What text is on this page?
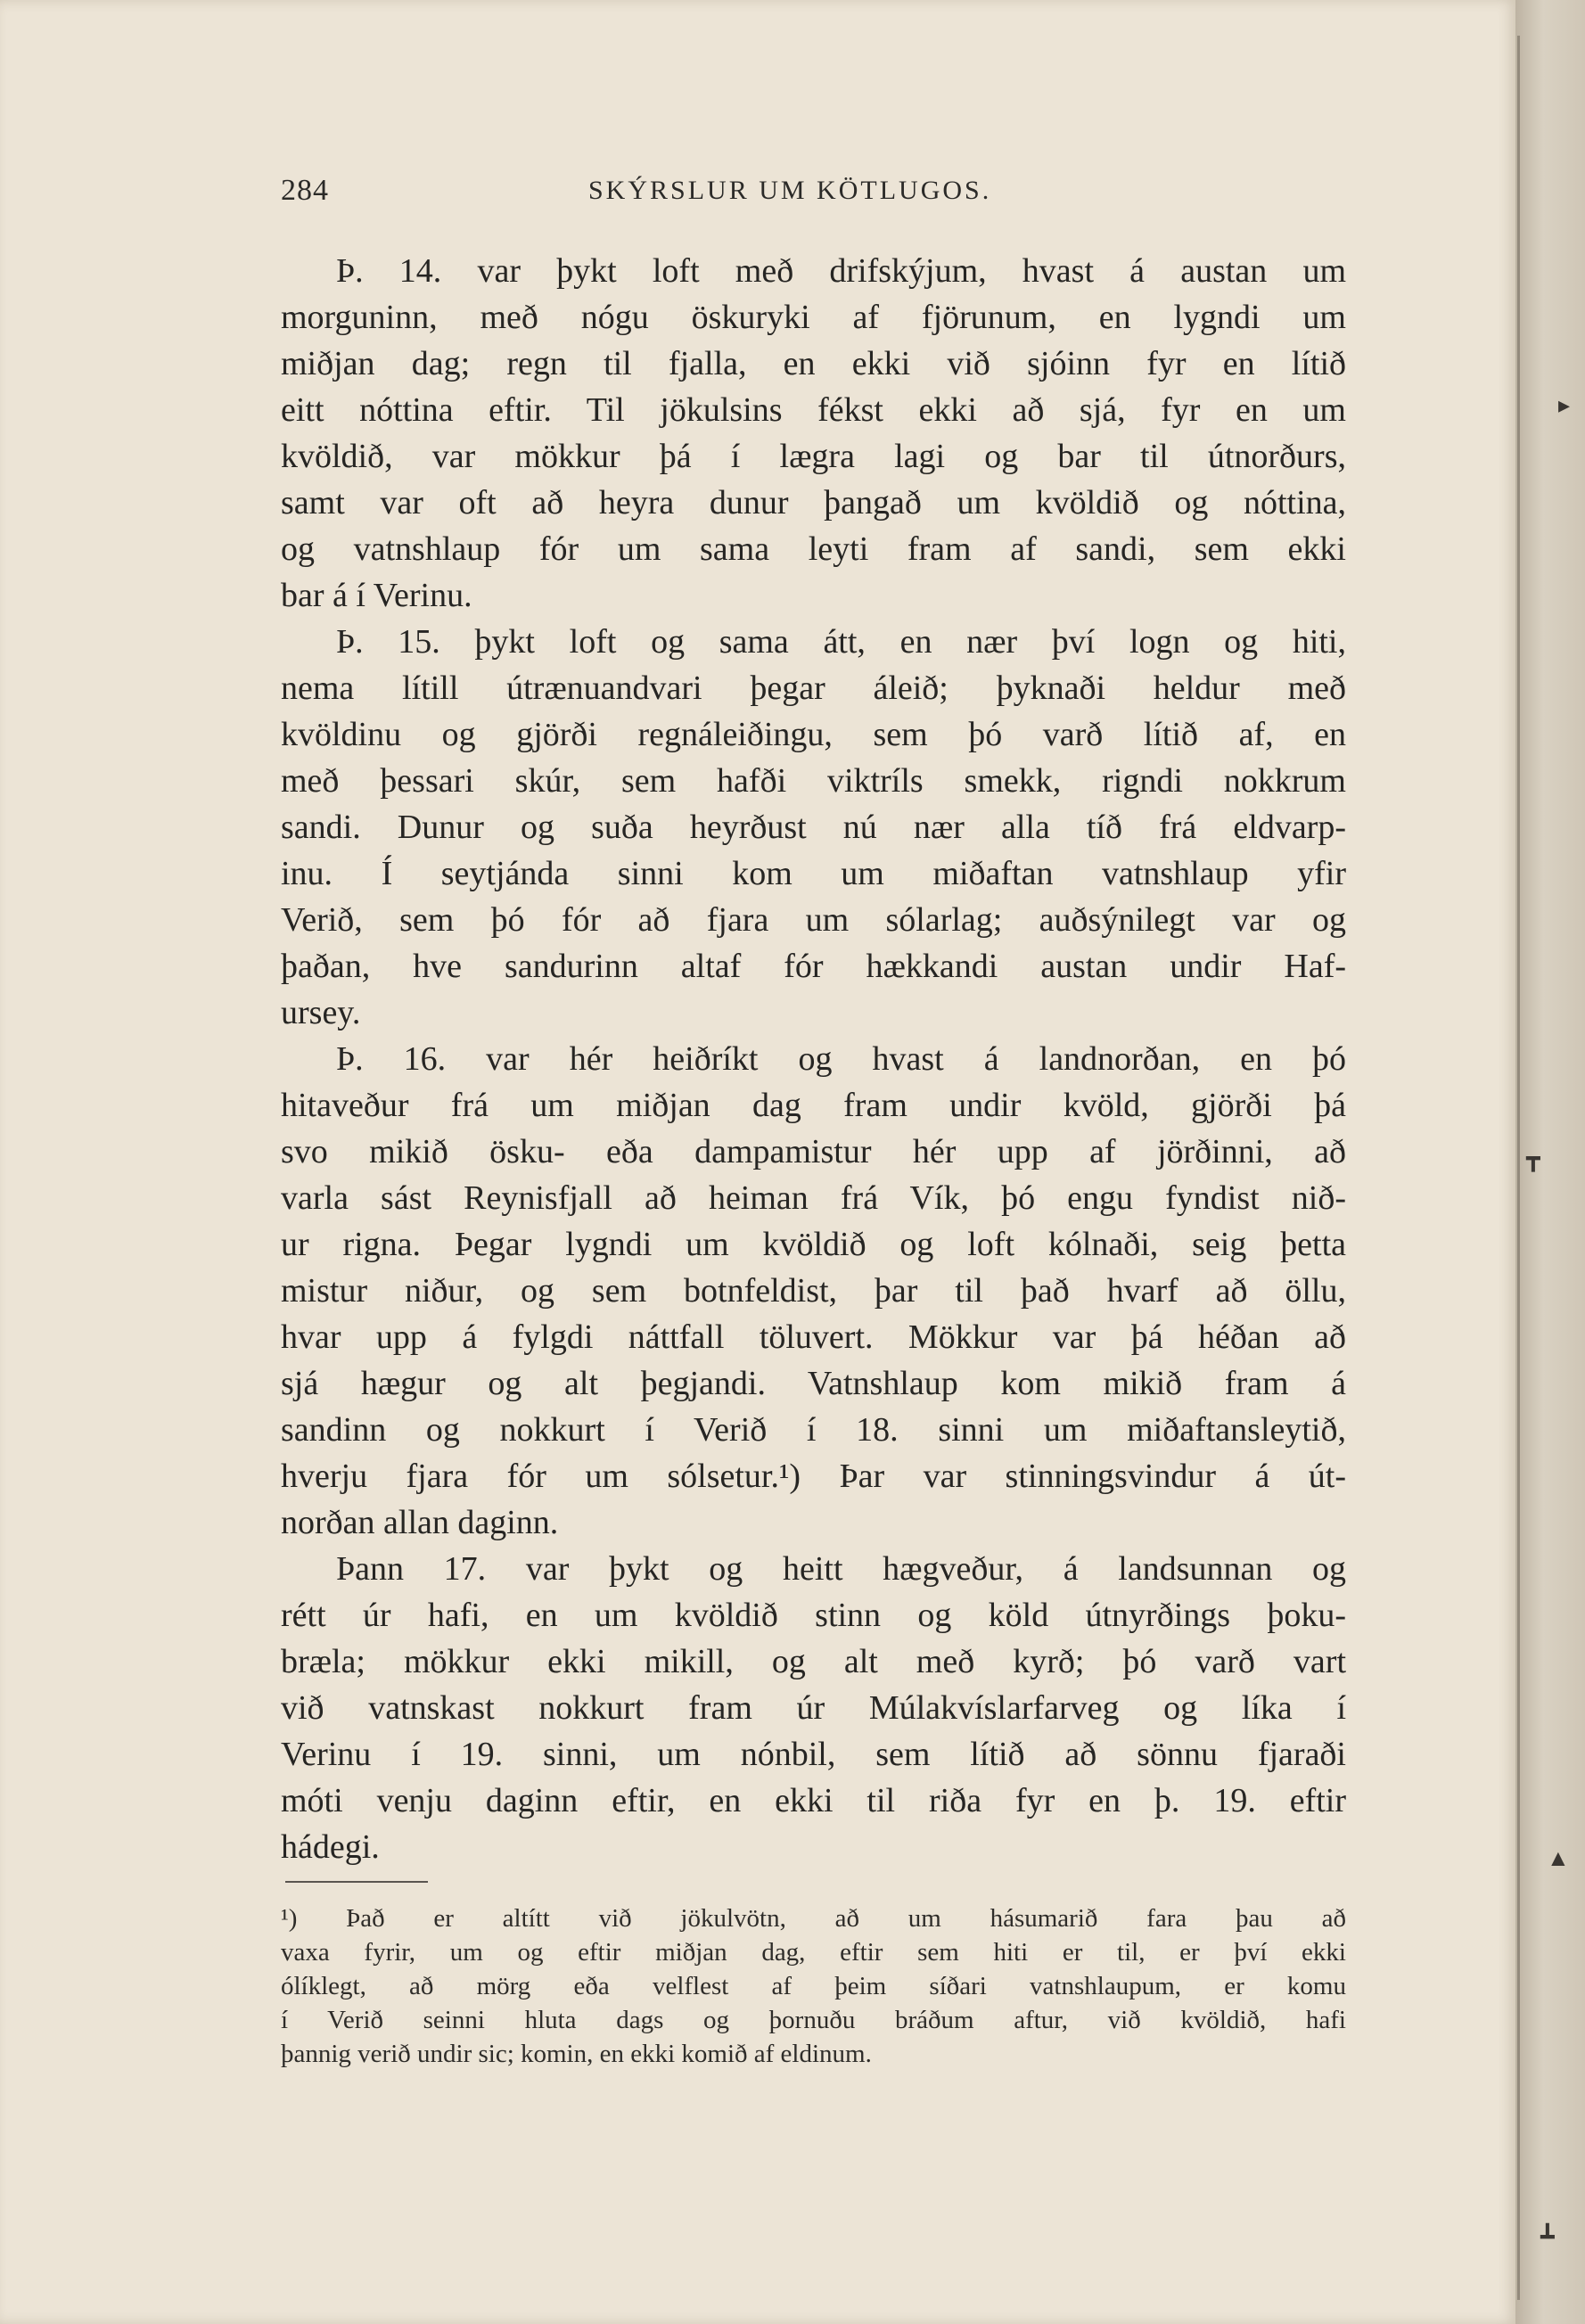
284	SKÝRSLUR UM KÖTLUGOS.
Þ. 14. var þykt loft með drifskýjum, hvast á austan um
morguninn, með nógu öskuryki af fjörunum, en lygndi um
miðjan dag; regn til fjalla, en ekki við sjóinn fyr en lítið
eitt nóttina eftir. Til jökulsins fékst ekki að sjá, fyr en um
kvöldið, var mökkur þá í lægra lagi og bar til útnorðurs,
samt var oft að heyra dunur þangað um kvöldið og nóttina,
og vatnshlaup fór um sama leyti fram af sandi, sem ekki
bar á í Verinu.
Þ. 15. þykt loft og sama átt, en nær því logn og hiti,
nema lítill útrænuandvari þegar áleið; þyknaði heldur með
kvöldinu og gjörði regnáleiðingu, sem þó varð lítið af, en
með þessari skúr, sem hafði viktríls smekk, rigndi nokkrum
sandi. Dunur og suða heyrðust nú nær alla tíð frá eldvarp-
inu. Í seytjánda sinni kom um miðaftan vatnshlaup yfir
Verið, sem þó fór að fjara um sólarlag; auðsýnilegt var og
þaðan, hve sandurinn altaf fór hækkandi austan undir Haf-
ursey.
Þ. 16. var hér heiðríkt og hvast á landnorðan, en þó
hitaveður frá um miðjan dag fram undir kvöld, gjörði þá
svo mikið ösku- eða dampamistur hér upp af jörðinni, að
varla sást Reynisfjall að heiman frá Vík, þó engu fyndist nið-
ur rigna. Þegar lygndi um kvöldið og loft kólnaði, seig þetta
mistur niður, og sem botnfeldist, þar til það hvarf að öllu,
hvar upp á fylgdi náttfall töluvert. Mökkur var þá héðan að
sjá hægur og alt þegjandi. Vatnshlaup kom mikið fram á
sandinn og nokkurt í Verið í 18. sinni um miðaftansleytið,
hverju fjara fór um sólsetur.¹) Þar var stinningsvindur á út-
norðan allan daginn.
Þann 17. var þykt og heitt hægveður, á landsunnan og
rétt úr hafi, en um kvöldið stinn og köld útnyrðings þoku-
bræla; mökkur ekki mikill, og alt með kyrð; þó varð vart
við vatnskast nokkurt fram úr Múlakvíslarfarveg og líka í
Verinu í 19. sinni, um nónbil, sem lítið að sönnu fjaraði
móti venju daginn eftir, en ekki til riða fyr en þ. 19. eftir
hádegi.
¹) Það er altítt við jökulvötn, að um hásumarið fara þau að
vaxa fyrir, um og eftir miðjan dag, eftir sem hiti er til, er því ekki
ólíklegt, að mörg eða velflest af þeim síðari vatnshlaupum, er komu
í Verið seinni hluta dags og þornuðu bráðum aftur, við kvöldið, hafi
þannig verið undir sic; komin, en ekki komið af eldinum.
▸
┳
▲
┻
